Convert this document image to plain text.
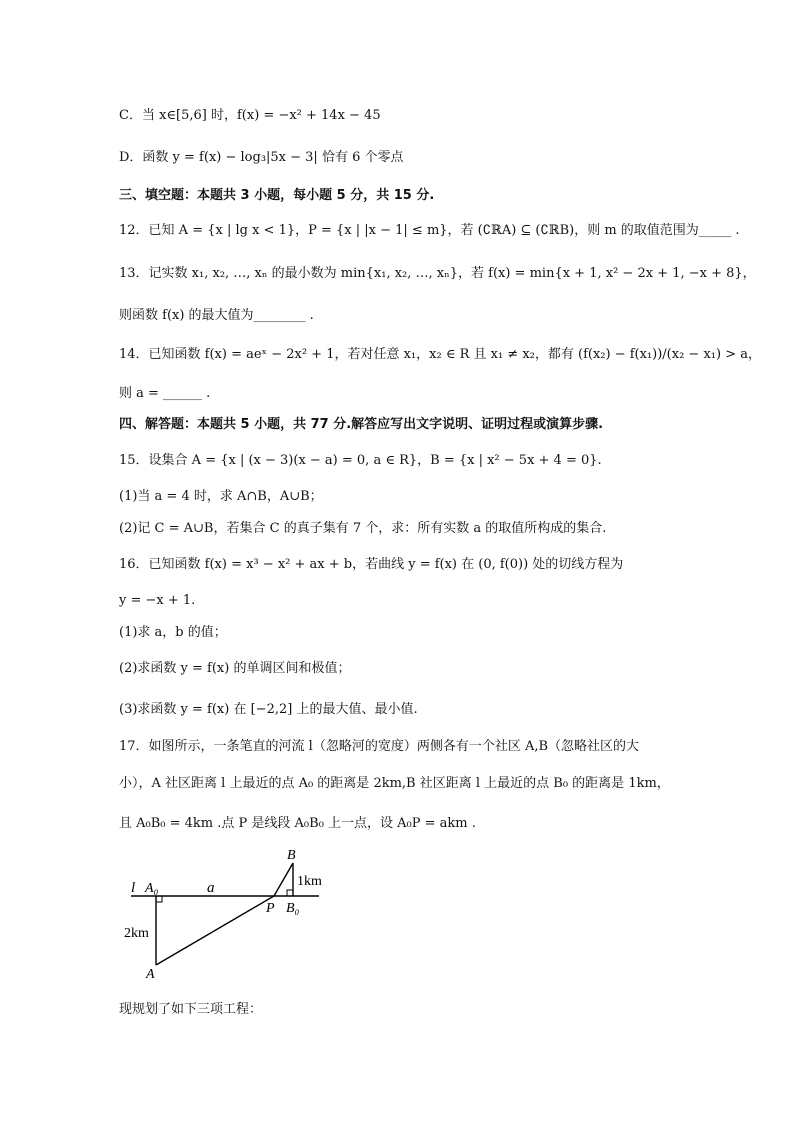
C．当 x∈[5,6] 时，f(x) = −x² + 14x − 45
D．函数 y = f(x) − log₃|5x − 3| 恰有 6 个零点
三、填空题：本题共 3 小题，每小题 5 分，共 15 分.
12．已知 A = {x | lg x < 1}，P = {x | |x − 1| ≤ m}，若 (∁ℝA) ⊆ (∁ℝB)，则 m 的取值范围为_____ .
13．记实数 x₁, x₂, …, xₙ 的最小数为 min{x₁, x₂, …, xₙ}，若 f(x) = min{x + 1, x² − 2x + 1, −x + 8}，
则函数 f(x) 的最大值为________ .
14．已知函数 f(x) = aeˣ − 2x² + 1，若对任意 x₁，x₂ ∈ R 且 x₁ ≠ x₂，都有 (f(x₂) − f(x₁))/(x₂ − x₁) > a，
则 a = ______ .
四、解答题：本题共 5 小题，共 77 分.解答应写出文字说明、证明过程或演算步骤.
15．设集合 A = {x | (x − 3)(x − a) = 0, a ∈ R}，B = {x | x² − 5x + 4 = 0}.
(1)当 a = 4 时，求 A∩B，A∪B；
(2)记 C = A∪B，若集合 C 的真子集有 7 个，求：所有实数 a 的取值所构成的集合.
16．已知函数 f(x) = x³ − x² + ax + b，若曲线 y = f(x) 在 (0, f(0)) 处的切线方程为
y = −x + 1.
(1)求 a，b 的值；
(2)求函数 y = f(x) 的单调区间和极值；
(3)求函数 y = f(x) 在 [−2,2] 上的最大值、最小值.
17．如图所示，一条笔直的河流 l（忽略河的宽度）两侧各有一个社区 A,B（忽略社区的大
小），A 社区距离 l 上最近的点 A₀ 的距离是 2km,B 社区距离 l 上最近的点 B₀ 的距离是 1km，
且 A₀B₀ = 4km .点 P 是线段 A₀B₀ 上一点，设 A₀P = akm .
l A₀	a
B
1km
P B₀
2km
A
现规划了如下三项工程：
